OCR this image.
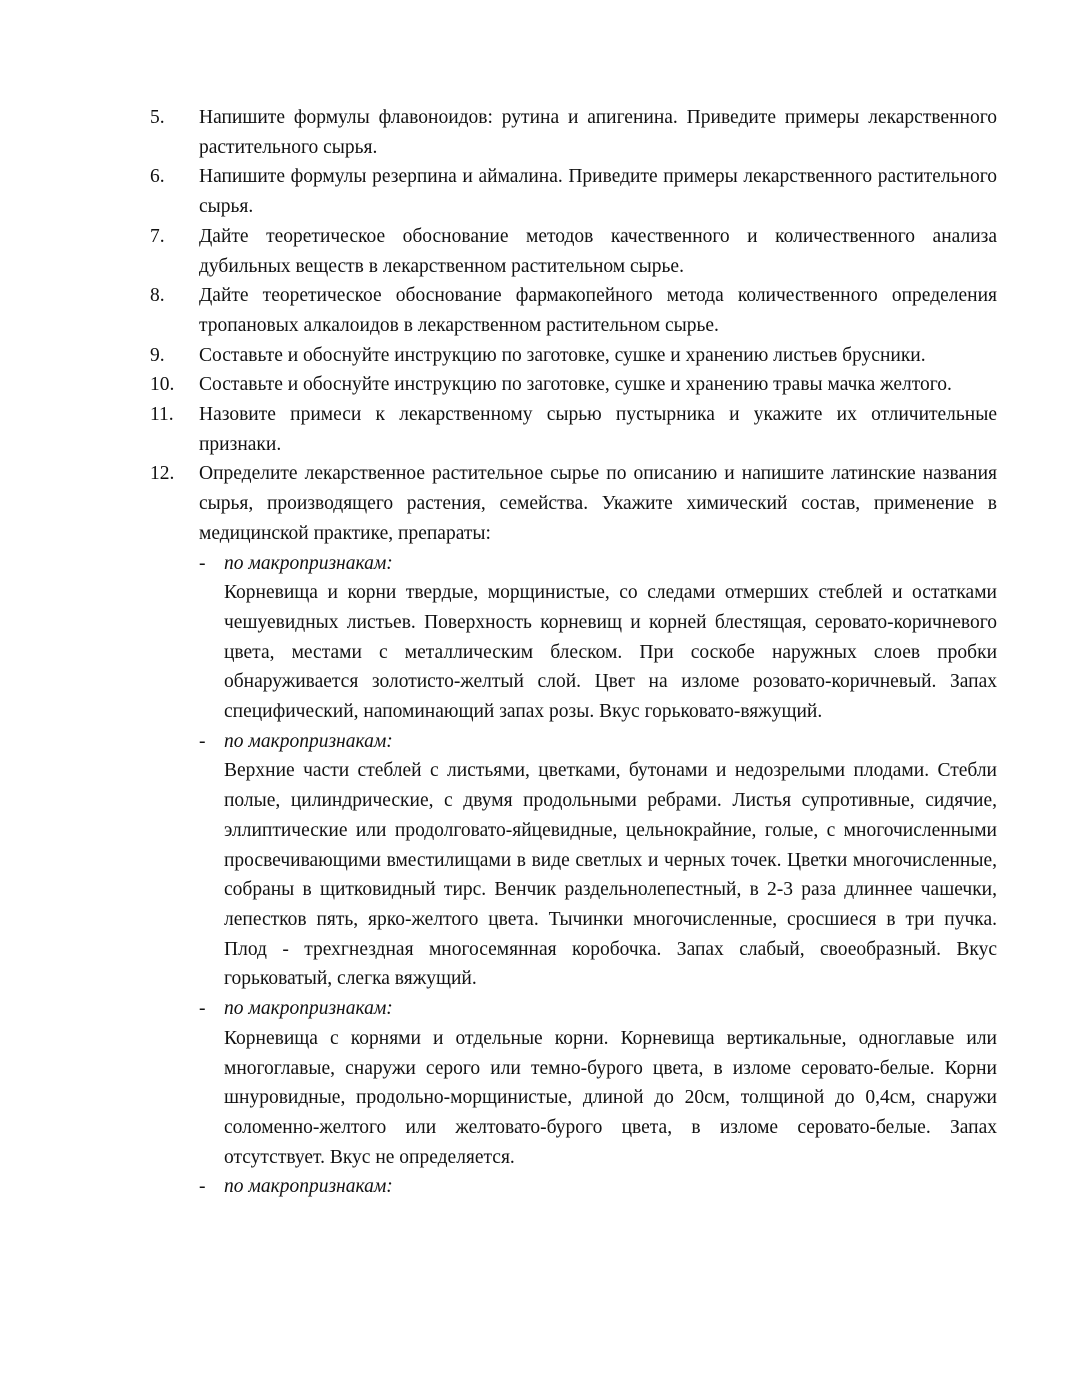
5.	Напишите формулы флавоноидов: рутина и апигенина. Приведите примеры лекарственного растительного сырья.
6.	Напишите формулы резерпина и аймалина. Приведите примеры лекарственного растительного сырья.
7.	Дайте теоретическое обоснование методов качественного и количественного анализа дубильных веществ в лекарственном растительном сырье.
8.	Дайте теоретическое обоснование фармакопейного метода количественного определения тропановых алкалоидов в лекарственном растительном сырье.
9.	Составьте и обоснуйте инструкцию по заготовке, сушке и хранению листьев брусники.
10.	Составьте и обоснуйте инструкцию по заготовке, сушке и хранению травы мачка желтого.
11.	Назовите примеси к лекарственному сырью пустырника и укажите их отличительные признаки.
12.	Определите лекарственное растительное сырье по описанию и напишите латинские названия сырья, производящего растения, семейства. Укажите химический состав, применение в медицинской практике, препараты:
- по макропризнакам:
Корневища и корни твердые, морщинистые, со следами отмерших стеблей и остатками чешуевидных листьев. Поверхность корневищ и корней блестящая, серовато-коричневого цвета, местами с металлическим блеском. При соскобе наружных слоев пробки обнаруживается золотисто-желтый слой. Цвет на изломе розовато-коричневый. Запах специфический, напоминающий запах розы. Вкус горьковато-вяжущий.
- по макропризнакам:
Верхние части стеблей с листьями, цветками, бутонами и недозрелыми плодами. Стебли полые, цилиндрические, с двумя продольными ребрами. Листья супротивные, сидячие, эллиптические или продолговато-яйцевидные, цельнокрайние, голые, с многочисленными просвечивающими вместилищами в виде светлых и черных точек. Цветки многочисленные, собраны в щитковидный тирс. Венчик раздельнолепестный, в 2-3 раза длиннее чашечки, лепестков пять, ярко-желтого цвета. Тычинки многочисленные, сросшиеся в три пучка. Плод - трехгнездная многосемянная коробочка. Запах слабый, своеобразный. Вкус горьковатый, слегка вяжущий.
- по макропризнакам:
Корневища с корнями и отдельные корни. Корневища вертикальные, одноглавые или многоглавые, снаружи серого или темно-бурого цвета, в изломе серовато-белые. Корни шнуровидные, продольно-морщинистые, длиной до 20см, толщиной до 0,4см, снаружи соломенно-желтого или желтовато-бурого цвета, в изломе серовато-белые. Запах отсутствует. Вкус не определяется.
- по макропризнакам:
